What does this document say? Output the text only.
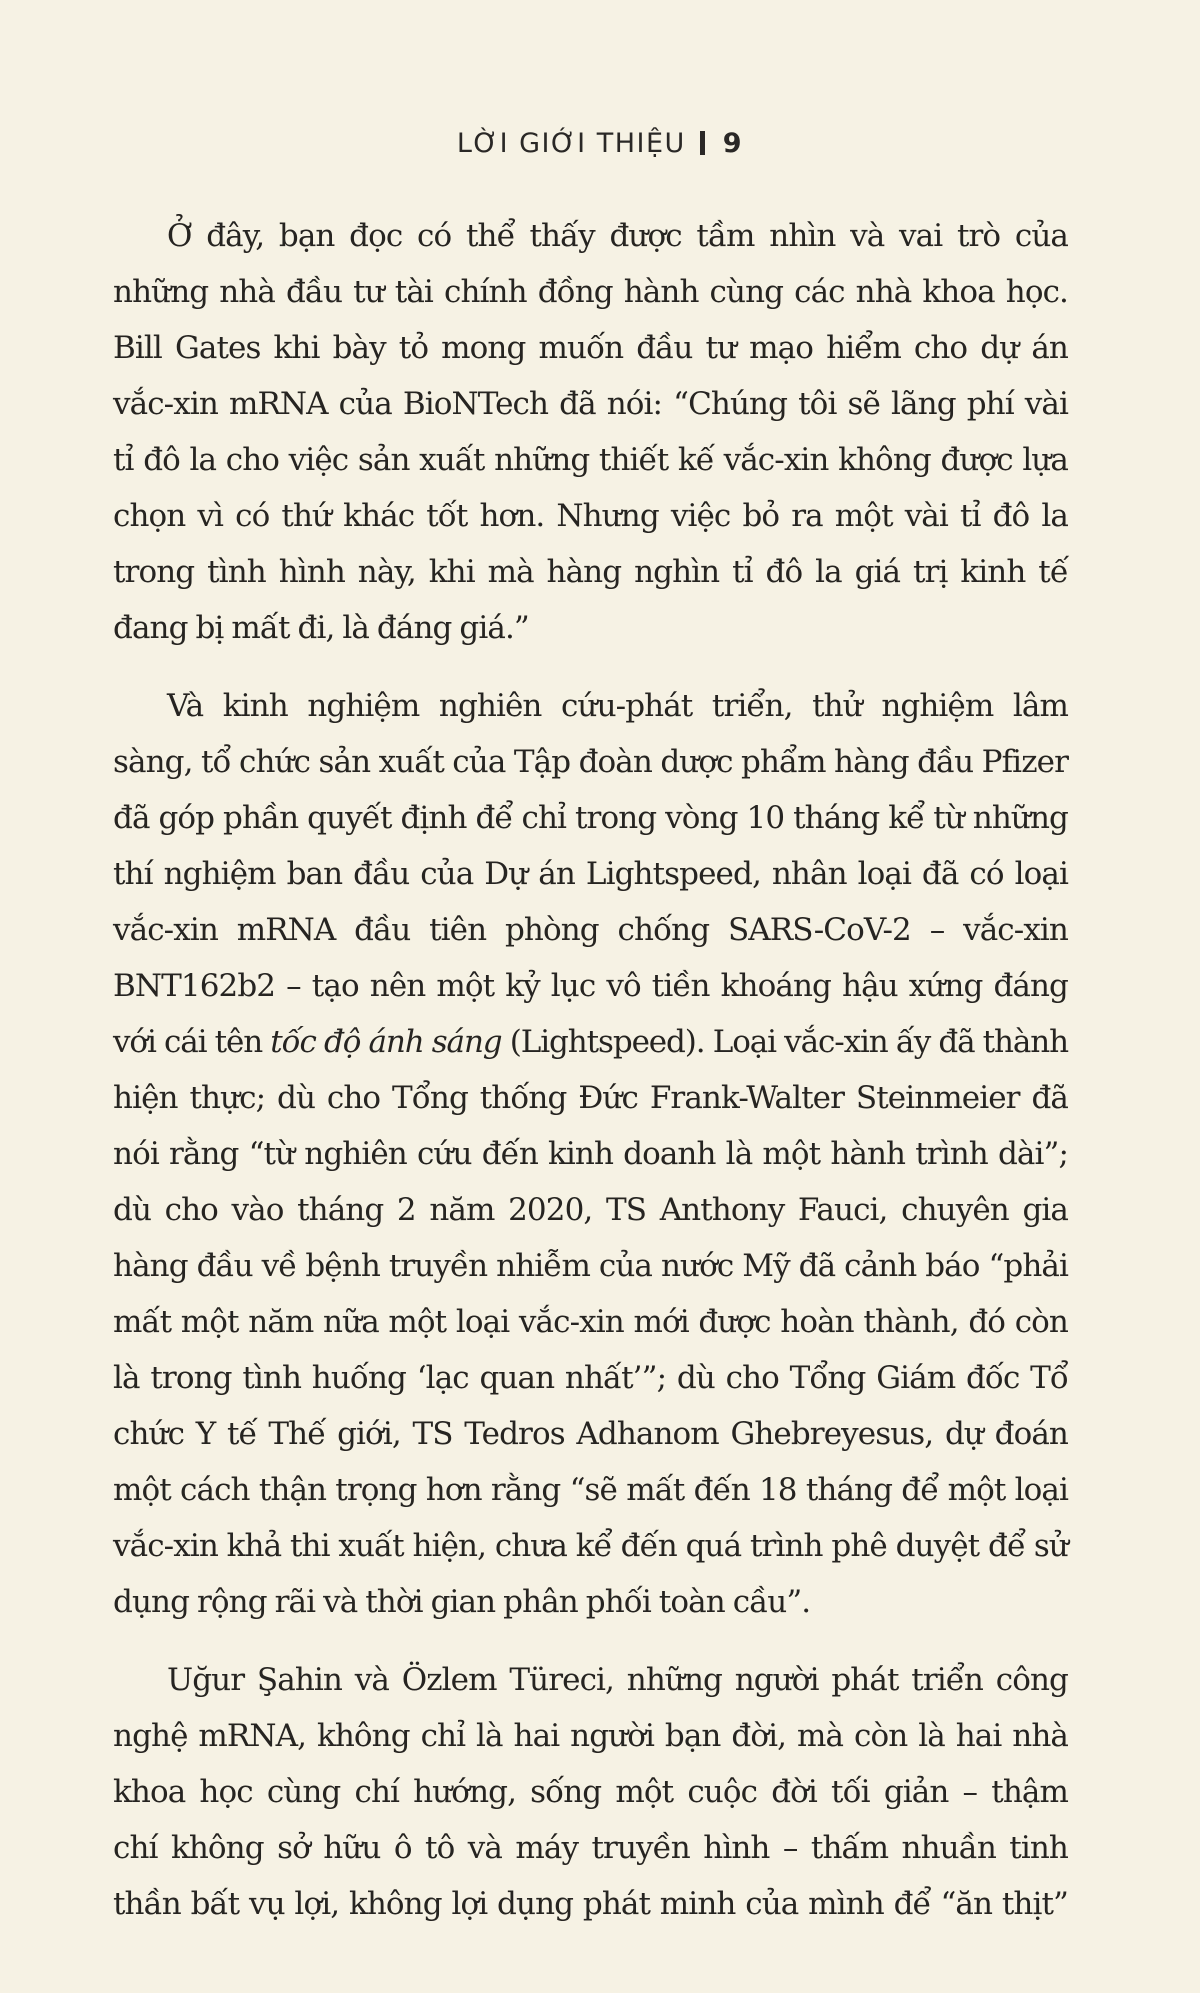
LỜI GIỚI THIỆU 9
Ở đây, bạn đọc có thể thấy được tầm nhìn và vai trò của
những nhà đầu tư tài chính đồng hành cùng các nhà khoa học.
Bill Gates khi bày tỏ mong muốn đầu tư mạo hiểm cho dự án
vắc-xin mRNA của BioNTech đã nói: “Chúng tôi sẽ lãng phí vài
tỉ đô la cho việc sản xuất những thiết kế vắc-xin không được lựa
chọn vì có thứ khác tốt hơn. Nhưng việc bỏ ra một vài tỉ đô la
trong tình hình này, khi mà hàng nghìn tỉ đô la giá trị kinh tế
đang bị mất đi, là đáng giá.”
Và kinh nghiệm nghiên cứu-phát triển, thử nghiệm lâm
sàng, tổ chức sản xuất của Tập đoàn dược phẩm hàng đầu Pfizer
đã góp phần quyết định để chỉ trong vòng 10 tháng kể từ những
thí nghiệm ban đầu của Dự án Lightspeed, nhân loại đã có loại
vắc-xin mRNA đầu tiên phòng chống SARS-CoV-2 – vắc-xin
BNT162b2 – tạo nên một kỷ lục vô tiền khoáng hậu xứng đáng
với cái tên tốc độ ánh sáng (Lightspeed). Loại vắc-xin ấy đã thành
hiện thực; dù cho Tổng thống Đức Frank-Walter Steinmeier đã
nói rằng “từ nghiên cứu đến kinh doanh là một hành trình dài”;
dù cho vào tháng 2 năm 2020, TS Anthony Fauci, chuyên gia
hàng đầu về bệnh truyền nhiễm của nước Mỹ đã cảnh báo “phải
mất một năm nữa một loại vắc-xin mới được hoàn thành, đó còn
là trong tình huống ‘lạc quan nhất’”; dù cho Tổng Giám đốc Tổ
chức Y tế Thế giới, TS Tedros Adhanom Ghebreyesus, dự đoán
một cách thận trọng hơn rằng “sẽ mất đến 18 tháng để một loại
vắc-xin khả thi xuất hiện, chưa kể đến quá trình phê duyệt để sử
dụng rộng rãi và thời gian phân phối toàn cầu”.
Uğur Şahin và Özlem Türeci, những người phát triển công
nghệ mRNA, không chỉ là hai người bạn đời, mà còn là hai nhà
khoa học cùng chí hướng, sống một cuộc đời tối giản – thậm
chí không sở hữu ô tô và máy truyền hình – thấm nhuần tinh
thần bất vụ lợi, không lợi dụng phát minh của mình để “ăn thịt”
